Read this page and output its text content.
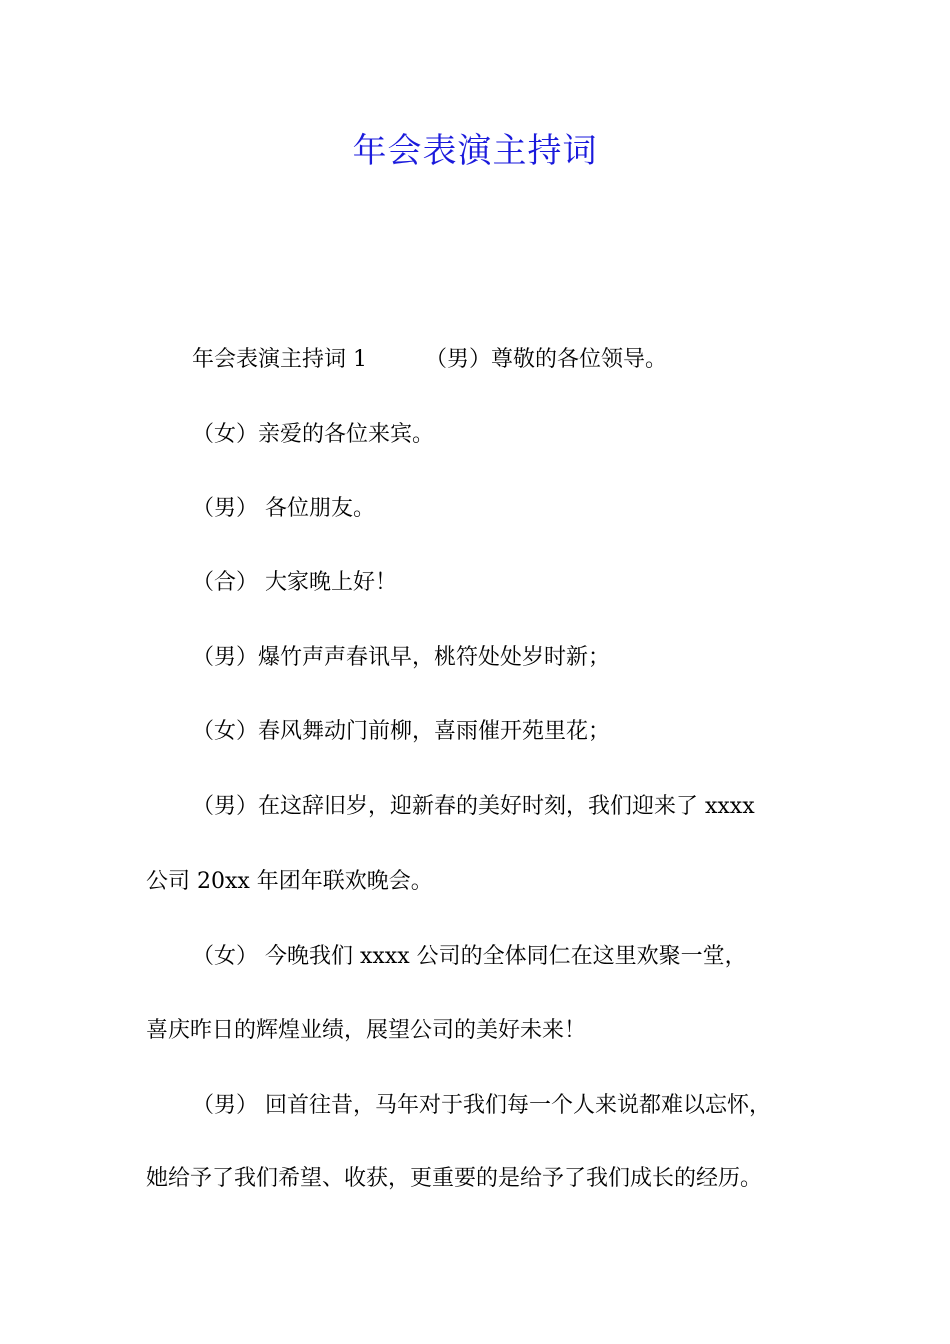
年会表演主持词

年会表演主持词 1	（男）尊敬的各位领导。

（女）亲爱的各位来宾。

（男） 各位朋友。

（合） 大家晚上好！

（男）爆竹声声春讯早，桃符处处岁时新；

（女）春风舞动门前柳，喜雨催开苑里花；

（男）在这辞旧岁，迎新春的美好时刻，我们迎来了 xxxx

公司 20xx 年团年联欢晚会。

（女） 今晚我们 xxxx 公司的全体同仁在这里欢聚一堂，

喜庆昨日的辉煌业绩，展望公司的美好未来！

（男） 回首往昔，马年对于我们每一个人来说都难以忘怀，

她给予了我们希望、收获，更重要的是给予了我们成长的经历。
